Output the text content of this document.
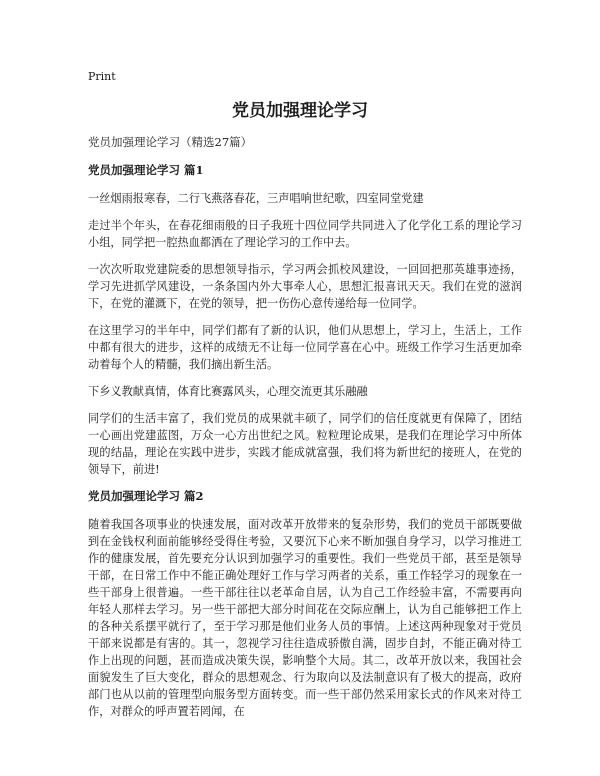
Print
党员加强理论学习
党员加强理论学习（精选27篇）
党员加强理论学习 篇1

一丝烟雨报寒春，二行飞燕落春花，三声唱响世纪歌，四室同堂党建

走过半个年头，在春花细雨般的日子我班十四位同学共同进入了化学化工系的理论学习小组，同学把一腔热血都洒在了理论学习的工作中去。

一次次听取党建院委的思想领导指示，学习两会抓校风建设，一回回把那英雄事迹扬，学习先进抓学风建设，一条条国内外大事牵人心，思想汇报喜讯天天。我们在党的滋润下，在党的灌溉下，在党的领导，把一伤伤心意传递给每一位同学。

在这里学习的半年中，同学们都有了新的认识，他们从思想上，学习上，生活上，工作中都有很大的进步，这样的成绩无不让每一位同学喜在心中。班级工作学习生活更加牵动着每个人的精髓，我们摘出新生活。

下乡义教献真情，体育比赛露风头，心理交流更其乐融融

同学们的生活丰富了，我们党员的成果就丰硕了，同学们的信任度就更有保障了，团结一心画出党建蓝图，万众一心方出世纪之风。粒粒理论成果，是我们在理论学习中所体现的结晶，理论在实践中进步，实践才能成就富强，我们将为新世纪的接班人，在党的领导下，前进!

党员加强理论学习 篇2

随着我国各项事业的快速发展，面对改革开放带来的复杂形势，我们的党员干部既要做到在金钱权利面前能够经受得住考验，又要沉下心来不断加强自身学习，以学习推进工作的健康发展，首先要充分认识到加强学习的重要性。我们一些党员干部，甚至是领导干部，在日常工作中不能正确处理好工作与学习两者的关系，重工作轻学习的现象在一些干部身上很普遍。一些干部往往以老革命自居，认为自己工作经验丰富，不需要再向年轻人那样去学习。另一些干部把大部分时间花在交际应酬上，认为自己能够把工作上的各种关系摆平就行了，至于学习那是他们业务人员的事情。上述这两种现象对于党员干部来说都是有害的。其一，忽视学习往往造成骄傲自满，固步自封，不能正确对待工作上出现的问题，甚而造成决策失误，影响整个大局。其二，改革开放以来，我国社会面貌发生了巨大变化，群众的思想观念、行为取向以及法制意识有了极大的提高，政府部门也从以前的管理型向服务型方面转变。而一些干部仍然采用家长式的作风来对待工作，对群众的呼声置若罔闻，在
